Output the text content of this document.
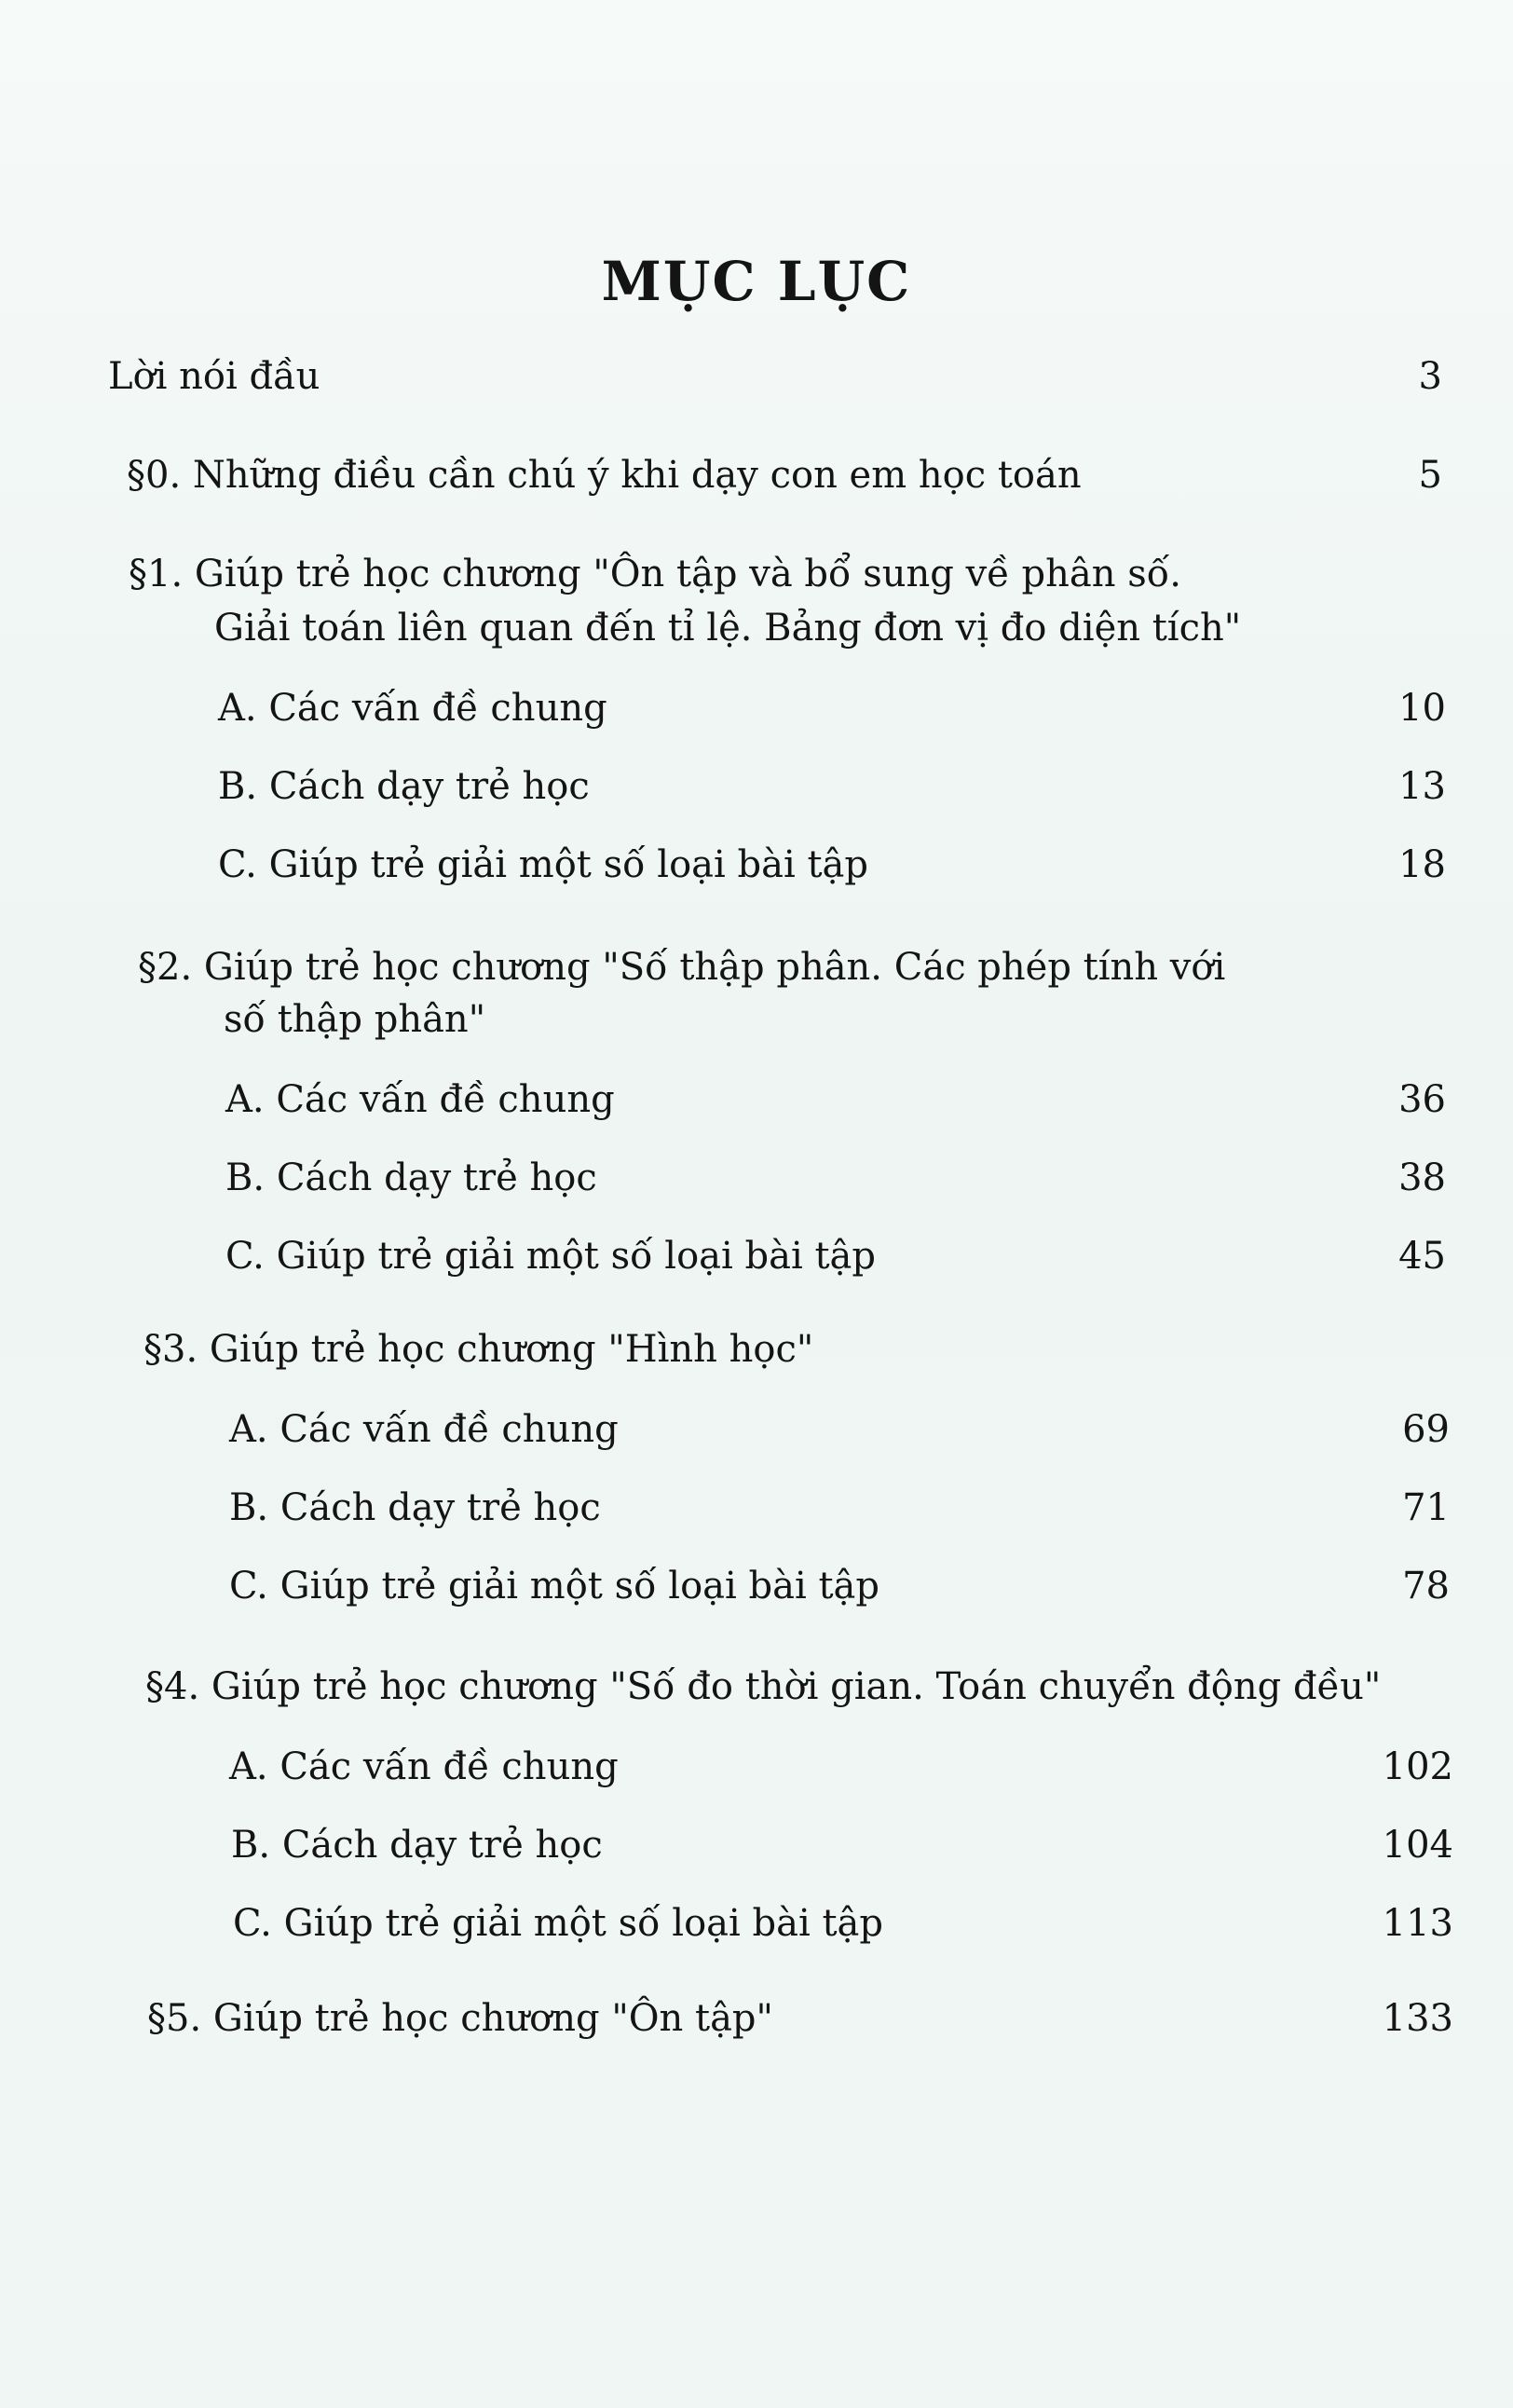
MỤC LỤC
Lời nói đầu	3
§0. Những điều cần chú ý khi dạy con em học toán	5
§1. Giúp trẻ học chương "Ôn tập và bổ sung về phân số.
Giải toán liên quan đến tỉ lệ. Bảng đơn vị đo diện tích"
A. Các vấn đề chung	10
B. Cách dạy trẻ học	13
C. Giúp trẻ giải một số loại bài tập	18
§2. Giúp trẻ học chương "Số thập phân. Các phép tính với
số thập phân"
A. Các vấn đề chung	36
B. Cách dạy trẻ học	38
C. Giúp trẻ giải một số loại bài tập	45
§3. Giúp trẻ học chương "Hình học"
A. Các vấn đề chung	69
B. Cách dạy trẻ học	71
C. Giúp trẻ giải một số loại bài tập	78
§4. Giúp trẻ học chương "Số đo thời gian. Toán chuyển động đều"
A. Các vấn đề chung	102
B. Cách dạy trẻ học	104
C. Giúp trẻ giải một số loại bài tập	113
§5. Giúp trẻ học chương "Ôn tập"	133
